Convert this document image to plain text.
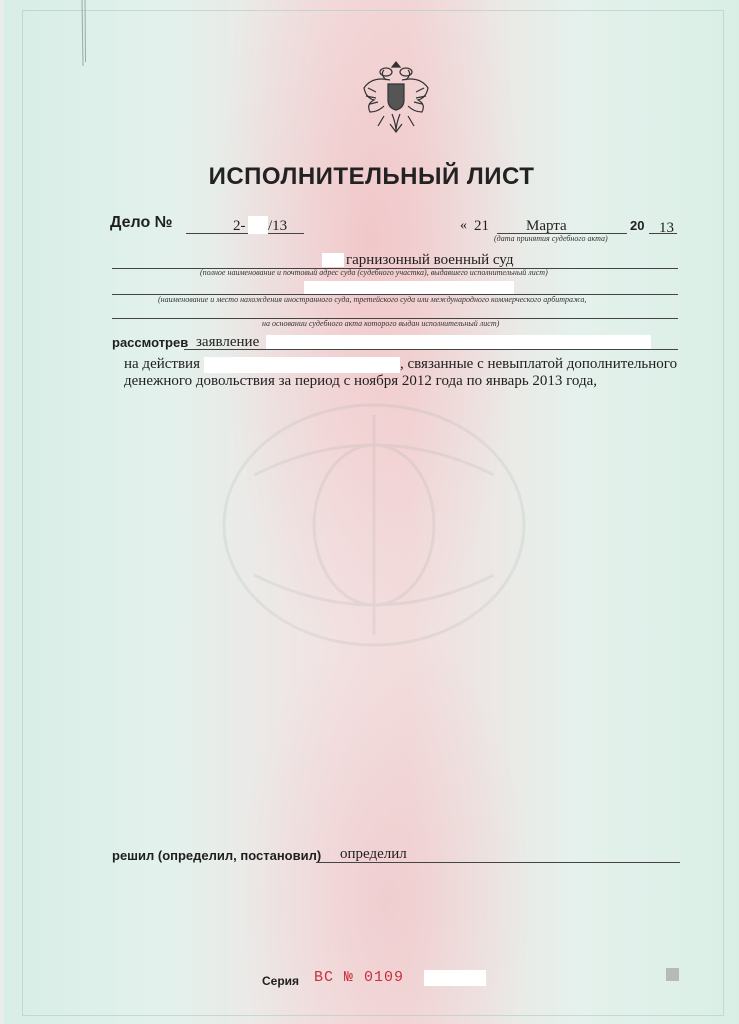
ИСПОЛНИТЕЛЬНЫЙ ЛИСТ
Дело №	2- /13	« 21 Марта	20 13
(дата принятия судебного акта)
гарнизонный военный суд
(полное наименование и почтовый адрес суда (судебного участка), выдавшего исполнительный лист)
(наименование и место нахождения иностранного суда, третейского суда или международного коммерческого арбитража,
на основании судебного акта которого выдан исполнительный лист)
рассмотрев заявление
на действия	, связанные с невыплатой дополнительного
денежного довольствия за период с ноября 2012 года по январь 2013 года,
решил (определил, постановил) определил
Серия ВС № 0109
